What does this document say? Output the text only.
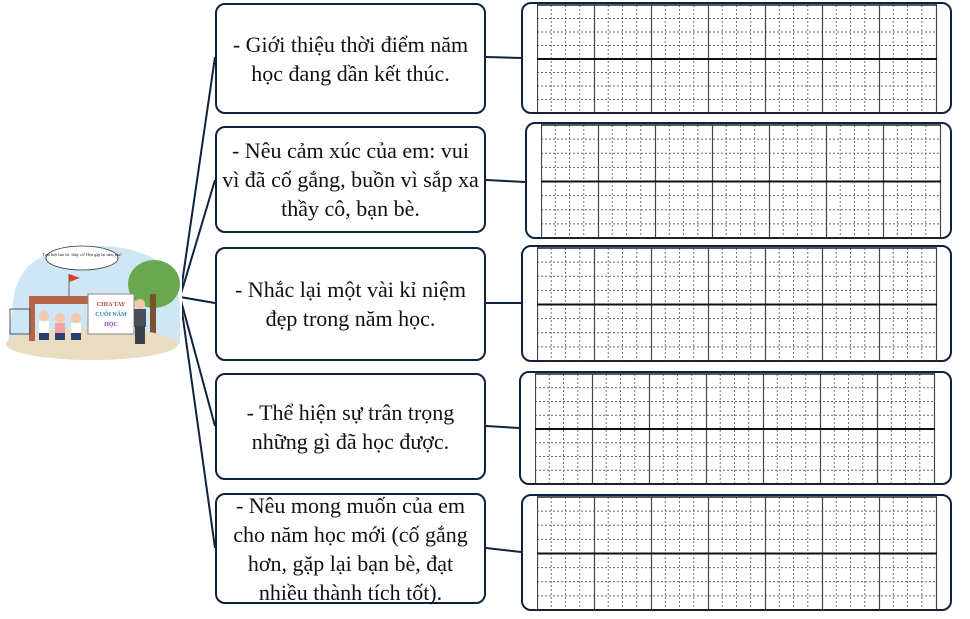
Tạm biệt bạn bè, thầy cô! Hẹn gặp lại năm sau!
CHIA TAY
CUỐI NĂM
HỌC
- Giới thiệu thời điểm năm học đang dần kết thúc.
- Nêu cảm xúc của em: vui vì đã cố gắng, buồn vì sắp xa thầy cô, bạn bè.
- Nhắc lại một vài kỉ niệm đẹp trong năm học.
- Thể hiện sự trân trọng những gì đã học được.
- Nêu mong muốn của em cho năm học mới (cố gắng hơn, gặp lại bạn bè, đạt nhiều thành tích tốt).
